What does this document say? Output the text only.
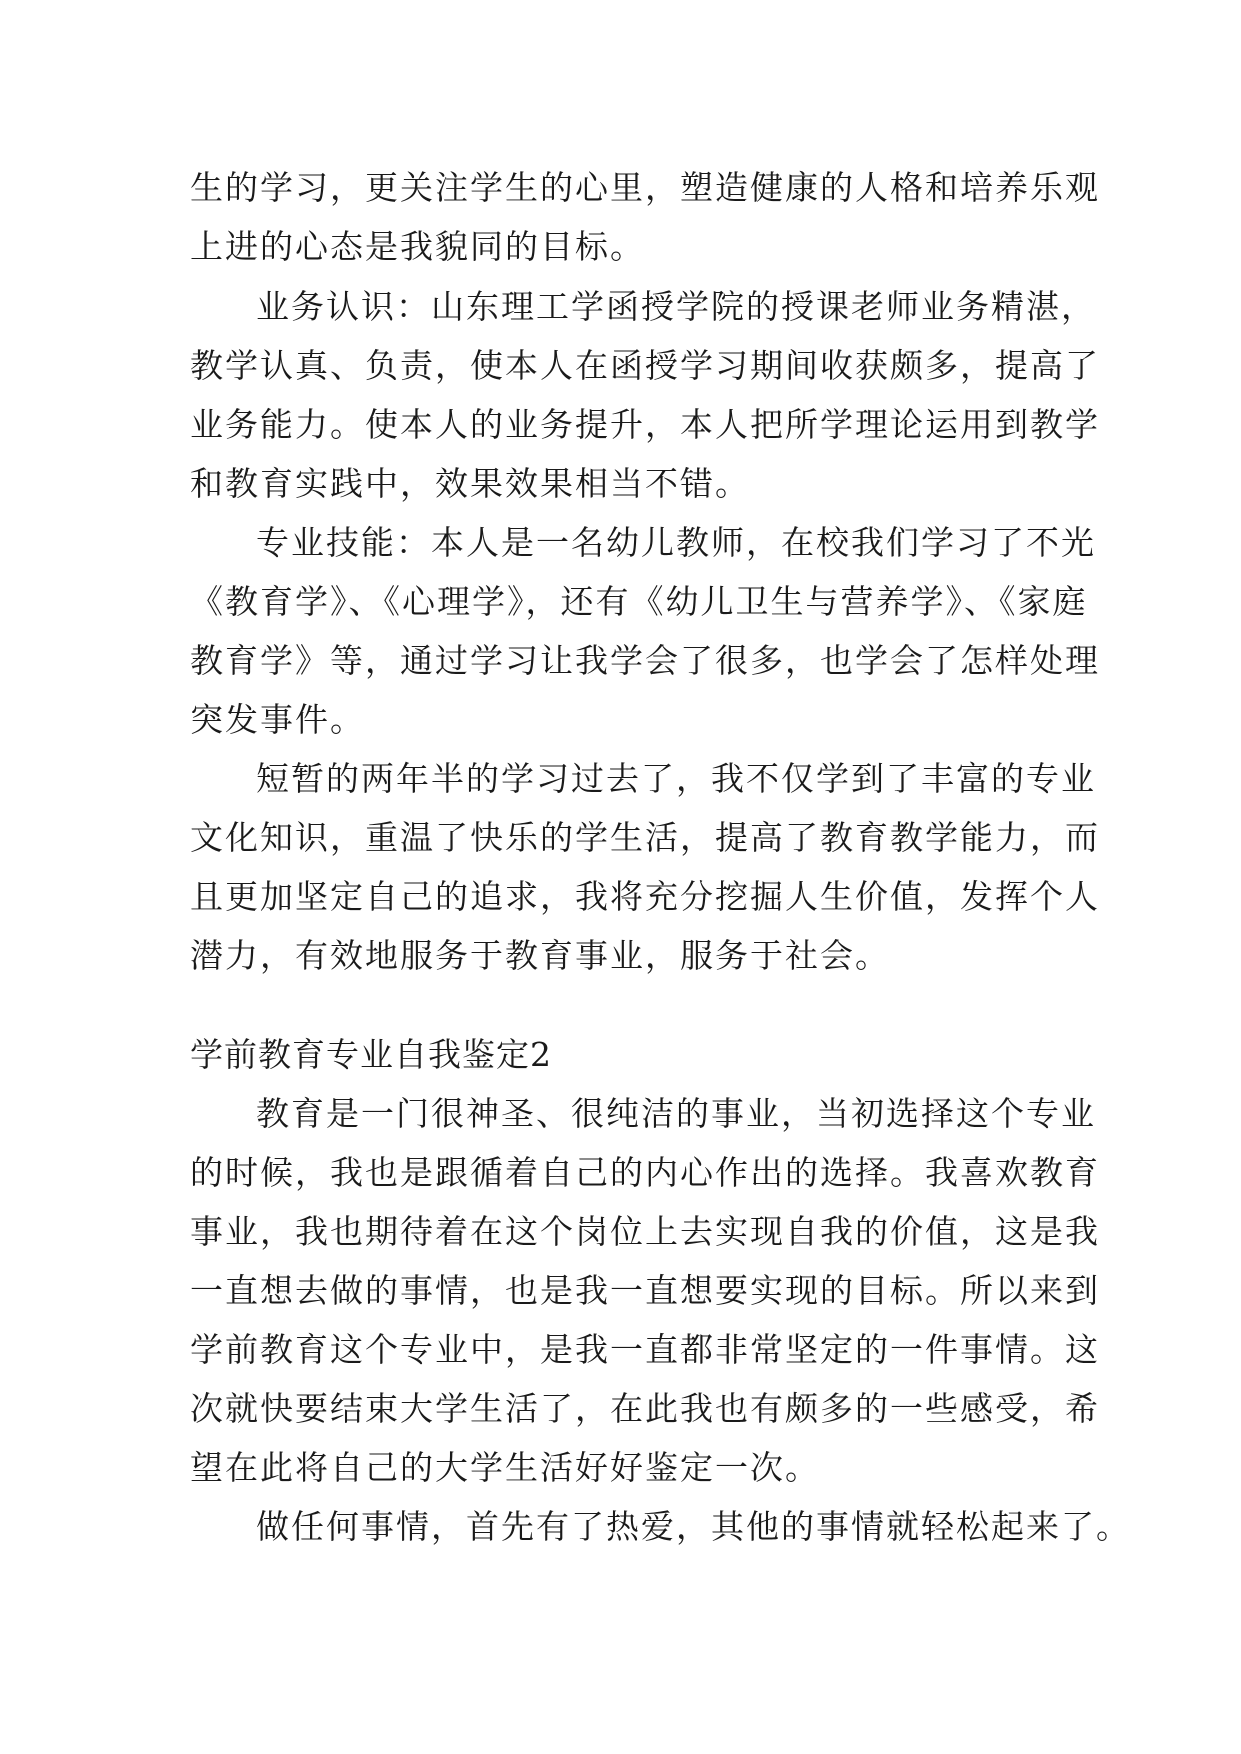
生的学习，更关注学生的心里，塑造健康的人格和培养乐观
上进的心态是我貌同的目标。
业务认识：山东理工学函授学院的授课老师业务精湛，
教学认真、负责，使本人在函授学习期间收获颇多，提高了
业务能力。使本人的业务提升，本人把所学理论运用到教学
和教育实践中，效果效果相当不错。
专业技能：本人是一名幼儿教师，在校我们学习了不光
《教育学》、《心理学》，还有《幼儿卫生与营养学》、《家庭
教育学》等，通过学习让我学会了很多，也学会了怎样处理
突发事件。
短暂的两年半的学习过去了，我不仅学到了丰富的专业
文化知识，重温了快乐的学生活，提高了教育教学能力，而
且更加坚定自己的追求，我将充分挖掘人生价值，发挥个人
潜力，有效地服务于教育事业，服务于社会。
学前教育专业自我鉴定2
教育是一门很神圣、很纯洁的事业，当初选择这个专业
的时候，我也是跟循着自己的内心作出的选择。我喜欢教育
事业，我也期待着在这个岗位上去实现自我的价值，这是我
一直想去做的事情，也是我一直想要实现的目标。所以来到
学前教育这个专业中，是我一直都非常坚定的一件事情。这
次就快要结束大学生活了，在此我也有颇多的一些感受，希
望在此将自己的大学生活好好鉴定一次。
做任何事情，首先有了热爱，其他的事情就轻松起来了。
